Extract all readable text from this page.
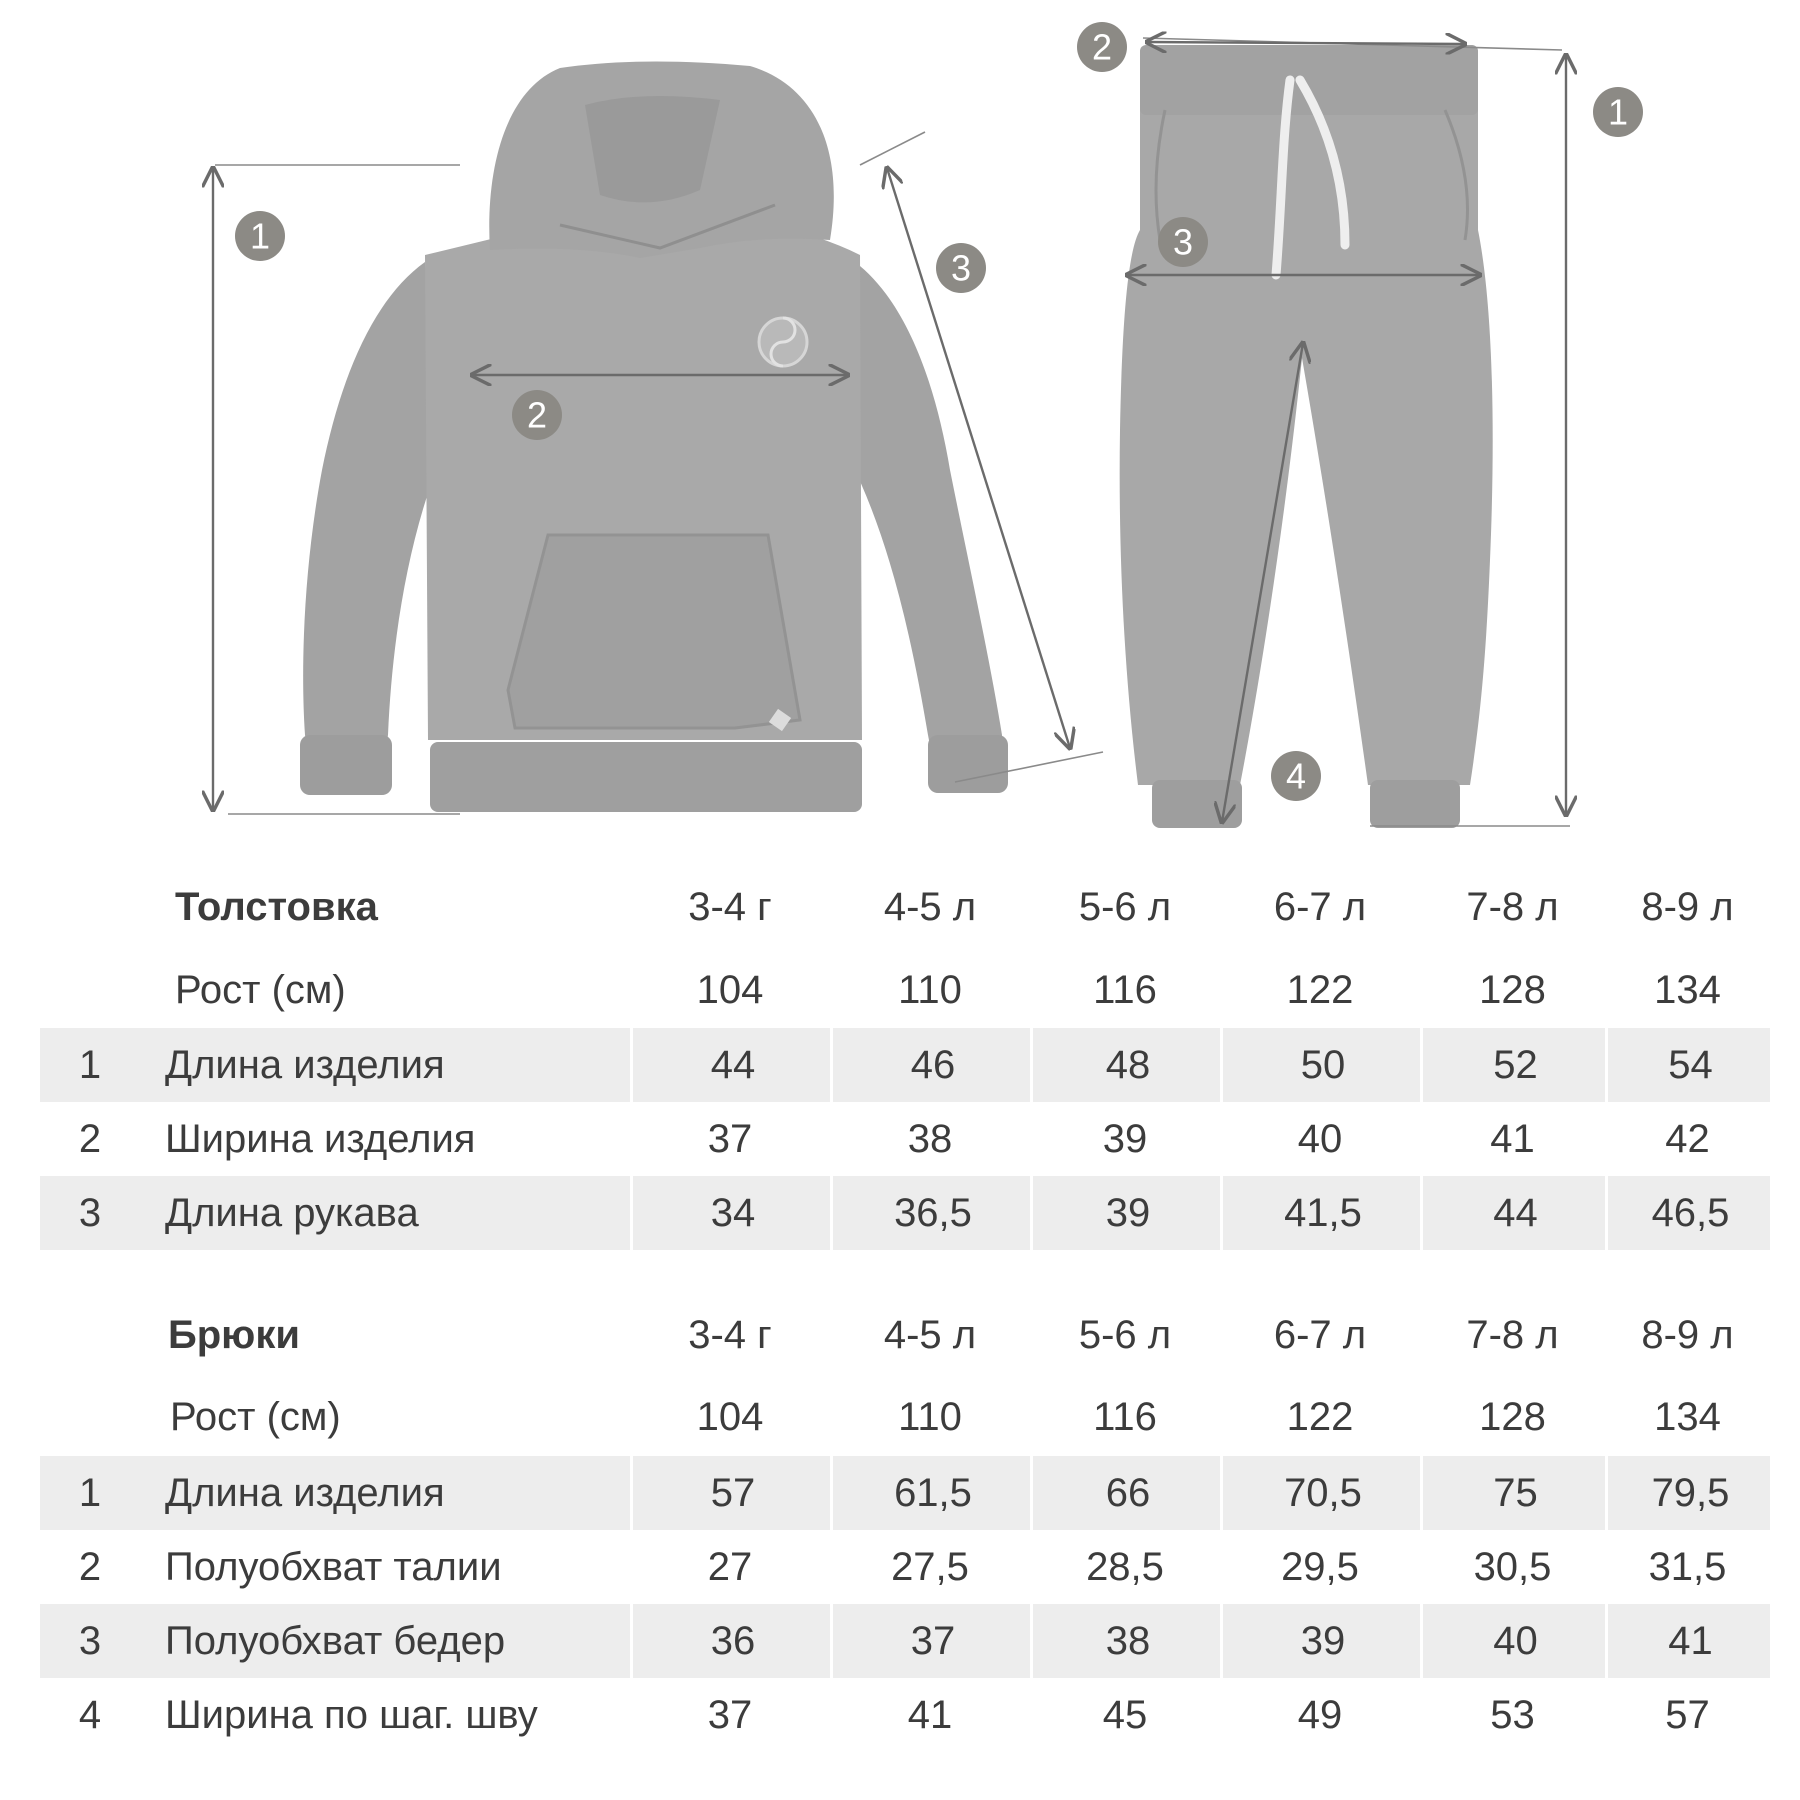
1
2
3
1
2
3
4
Толстовка	3-4 г	4-5 л	5-6 л	6-7 л	7-8 л	8-9 л
Рост (см)	104	110	116	122	128	134
1	Длина изделия	44	46	48	50	52	54
2	Ширина изделия	37	38	39	40	41	42
3	Длина рукава	34	36,5	39	41,5	44	46,5
Брюки	3-4 г	4-5 л	5-6 л	6-7 л	7-8 л	8-9 л
Рост (см)	104	110	116	122	128	134
1	Длина изделия	57	61,5	66	70,5	75	79,5
2	Полуобхват талии	27	27,5	28,5	29,5	30,5	31,5
3	Полуобхват бедер	36	37	38	39	40	41
4	Ширина по шаг. шву	37	41	45	49	53	57
